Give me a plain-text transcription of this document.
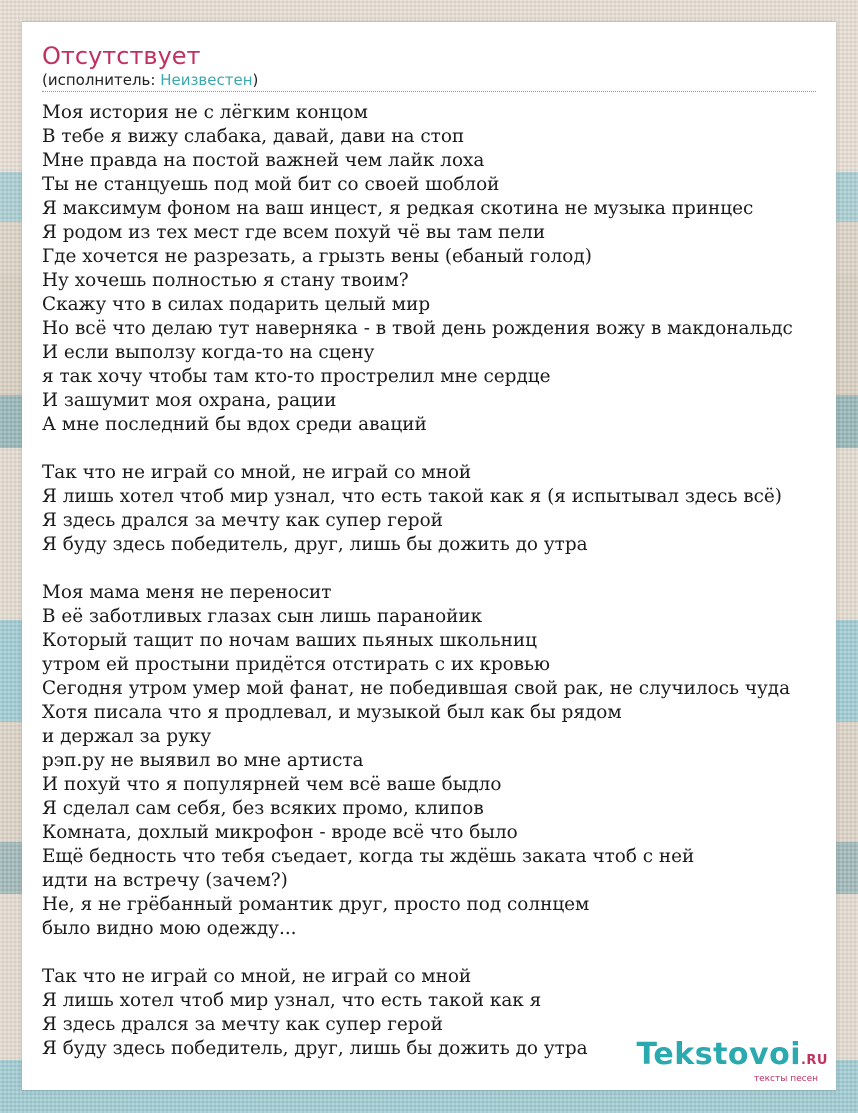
Отсутствует
(исполнитель: Неизвестен)
Моя история не с лёгким концом
В тебе я вижу слабака, давай, дави на стоп
Мне правда на постой важней чем лайк лоха
Ты не станцуешь под мой бит со своей шоблой
Я максимум фоном на ваш инцест, я редкая скотина не музыка принцес
Я родом из тех мест где всем похуй чё вы там пели
Где хочется не разрезать, а грызть вены (ебаный голод)
Ну хочешь полностью я стану твоим?
Скажу что в силах подарить целый мир
Но всё что делаю тут наверняка - в твой день рождения вожу в макдональдс
И если выползу когда-то на сцену
я так хочу чтобы там кто-то прострелил мне сердце
И зашумит моя охрана, рации
А мне последний бы вдох среди аваций
Так что не играй со мной, не играй со мной
Я лишь хотел чтоб мир узнал, что есть такой как я (я испытывал здесь всё)
Я здесь дрался за мечту как супер герой
Я буду здесь победитель, друг, лишь бы дожить до утра
Моя мама меня не переносит
В её заботливых глазах сын лишь паранойик
Который тащит по ночам ваших пьяных школьниц
утром ей простыни придётся отстирать с их кровью
Сегодня утром умер мой фанат, не победившая свой рак, не случилось чуда
Хотя писала что я продлевал, и музыкой был как бы рядом
и держал за руку
рэп.ру не выявил во мне артиста
И похуй что я популярней чем всё ваше быдло
Я сделал сам себя, без всяких промо, клипов
Комната, дохлый микрофон - вроде всё что было
Ещё бедность что тебя съедает, когда ты ждёшь заката чтоб с ней
идти на встречу (зачем?)
Не, я не грёбанный романтик друг, просто под солнцем
было видно мою одежду...
Так что не играй со мной, не играй со мной
Я лишь хотел чтоб мир узнал, что есть такой как я
Я здесь дрался за мечту как супер герой
Я буду здесь победитель, друг, лишь бы дожить до утра	Tekstovoi.RU
тексты песен
